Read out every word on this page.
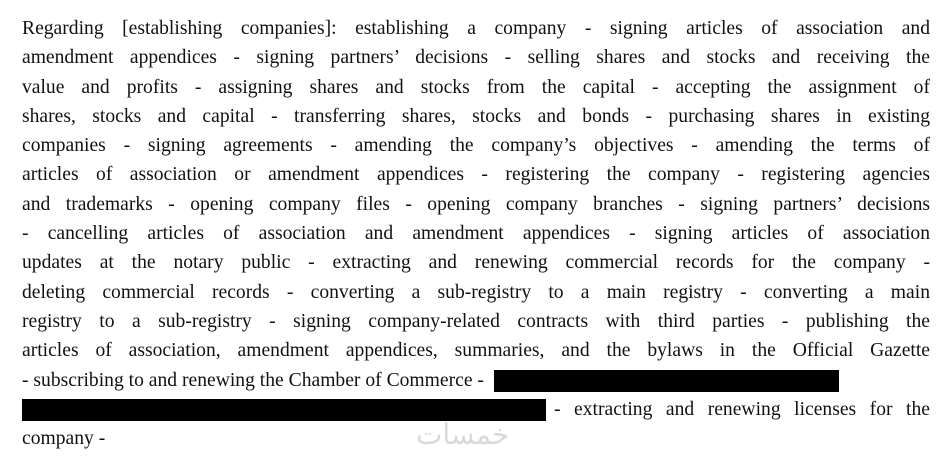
Regarding [establishing companies]: establishing a company - signing articles of association and
amendment appendices - signing partners’ decisions - selling shares and stocks and receiving the
value and profits - assigning shares and stocks from the capital - accepting the assignment of
shares, stocks and capital - transferring shares, stocks and bonds - purchasing shares in existing
companies - signing agreements - amending the company’s objectives - amending the terms of
articles of association or amendment appendices - registering the company - registering agencies
and trademarks - opening company files - opening company branches - signing partners’ decisions
- cancelling articles of association and amendment appendices - signing articles of association
updates at the notary public - extracting and renewing commercial records for the company -
deleting commercial records - converting a sub-registry to a main registry - converting a main
registry to a sub-registry - signing company-related contracts with third parties - publishing the
articles of association, amendment appendices, summaries, and the bylaws in the Official Gazette
- subscribing to and renewing the Chamber of Commerce -
- extracting and renewing licenses for the
company -	خمسات
